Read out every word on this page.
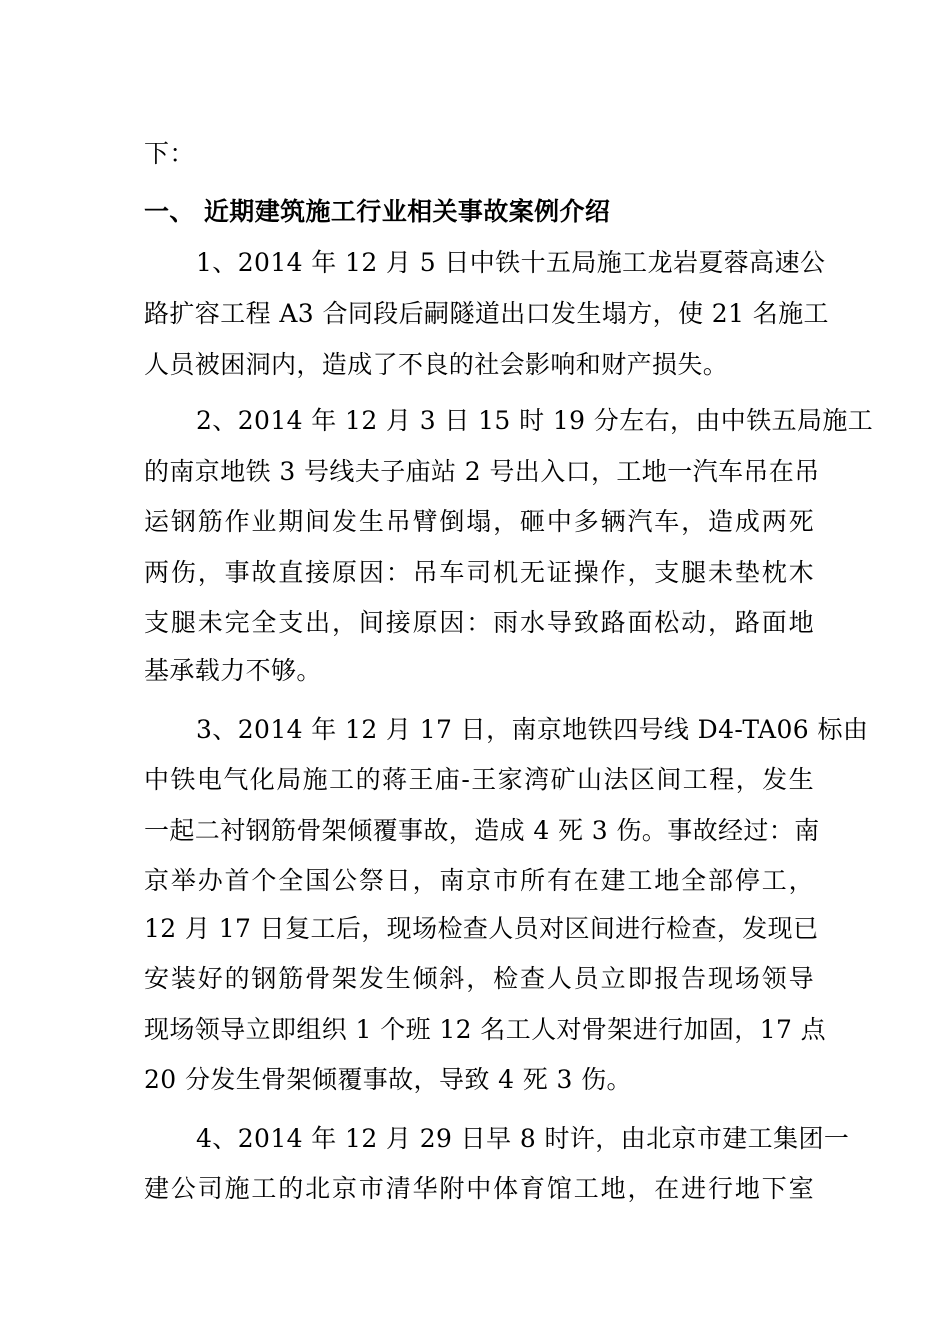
下：
一、 近期建筑施工行业相关事故案例介绍
1、2014 年 12 月 5 日中铁十五局施工龙岩夏蓉高速公
路扩容工程 A3 合同段后嗣隧道出口发生塌方，使 21 名施工
人员被困洞内，造成了不良的社会影响和财产损失。
2、2014 年 12 月 3 日 15 时 19 分左右，由中铁五局施工
的南京地铁 3 号线夫子庙站 2 号出入口，工地一汽车吊在吊
运钢筋作业期间发生吊臂倒塌，砸中多辆汽车，造成两死
两伤，事故直接原因：吊车司机无证操作，支腿未垫枕木
支腿未完全支出，间接原因：雨水导致路面松动，路面地
基承载力不够。
3、2014 年 12 月 17 日，南京地铁四号线 D4-TA06 标由
中铁电气化局施工的蒋王庙-王家湾矿山法区间工程，发生
一起二衬钢筋骨架倾覆事故，造成 4 死 3 伤。事故经过：南
京举办首个全国公祭日，南京市所有在建工地全部停工，
12 月 17 日复工后，现场检查人员对区间进行检查，发现已
安装好的钢筋骨架发生倾斜，检查人员立即报告现场领导
现场领导立即组织 1 个班 12 名工人对骨架进行加固，17 点
20 分发生骨架倾覆事故，导致 4 死 3 伤。
4、2014 年 12 月 29 日早 8 时许，由北京市建工集团一
建公司施工的北京市清华附中体育馆工地，在进行地下室
